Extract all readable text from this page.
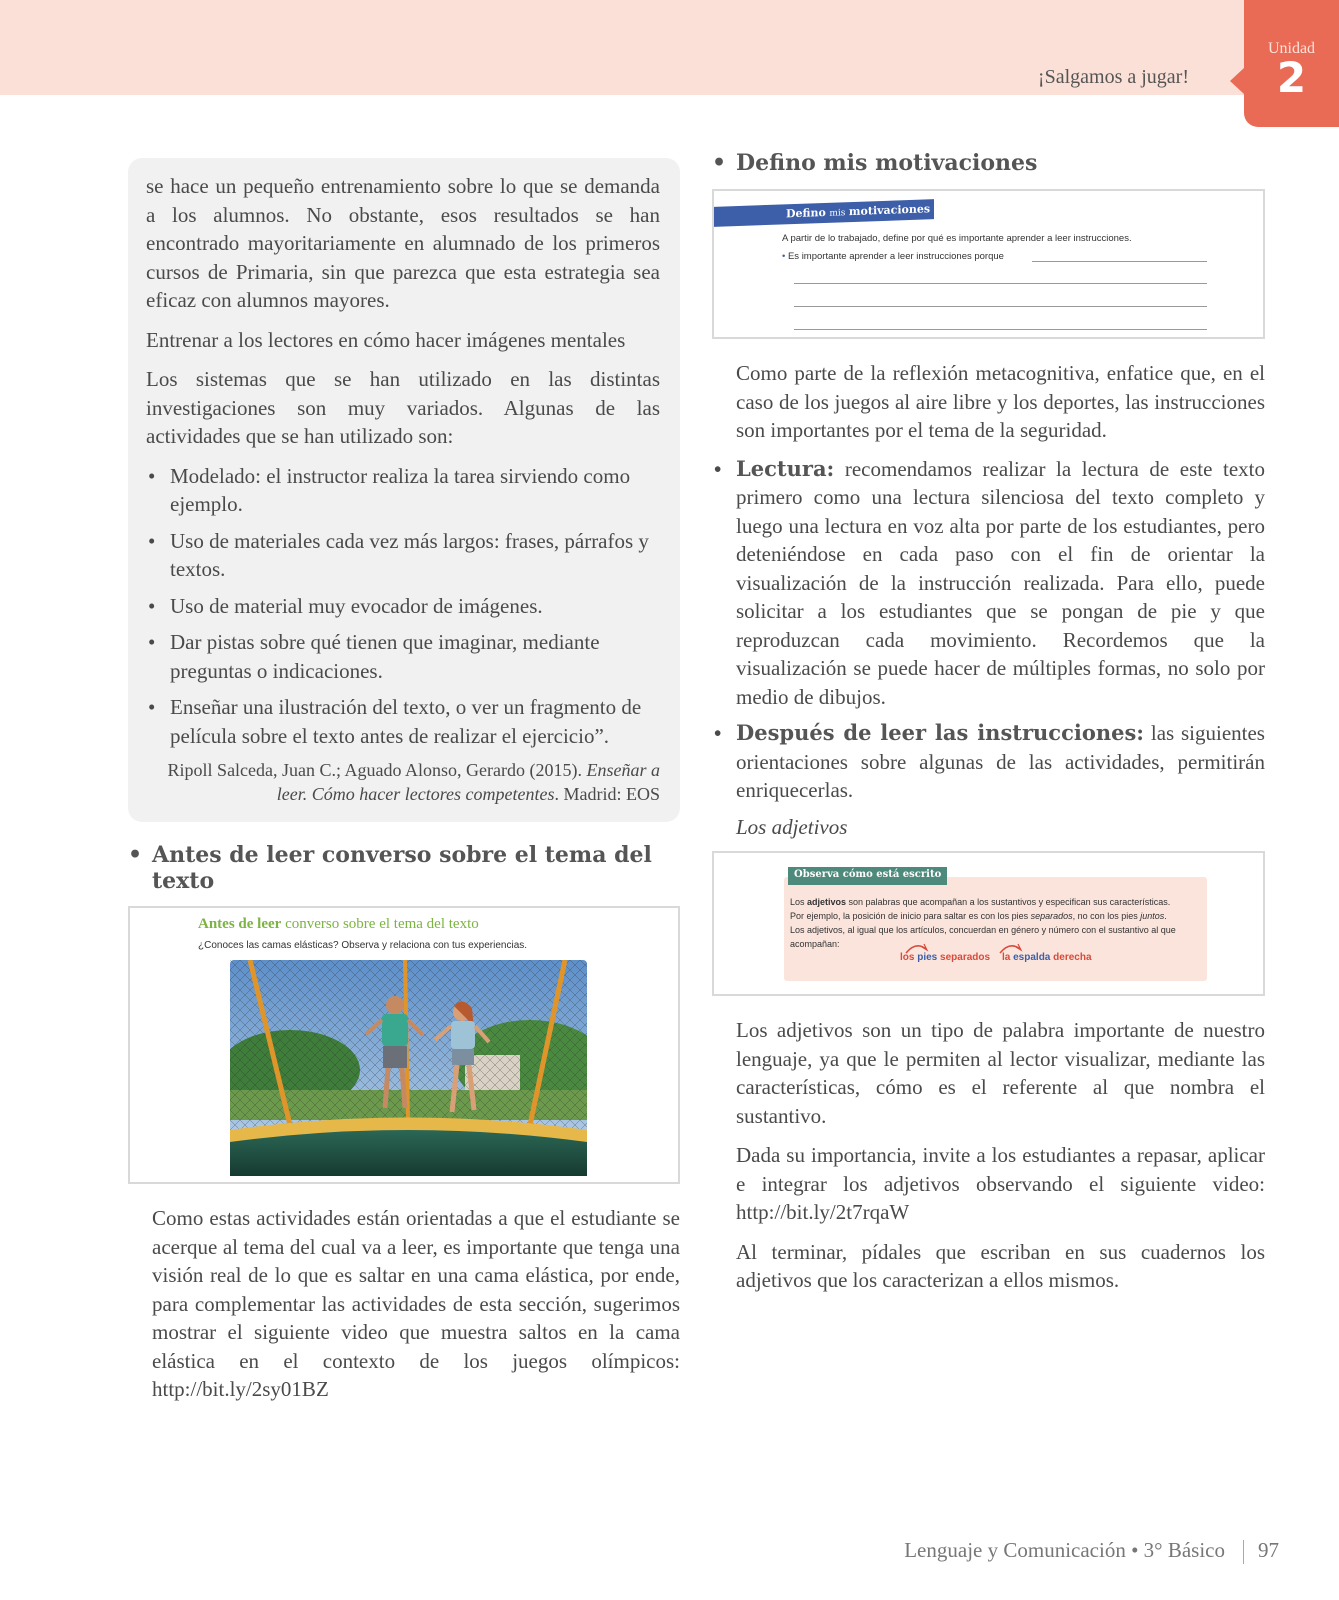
¡Salgamos a jugar!
Unidad
2

se hace un pequeño entrenamiento sobre lo que se demanda a los alumnos. No obstante, esos resultados se han encontrado mayoritariamente en alumnado de los primeros cursos de Primaria, sin que parezca que esta estrategia sea eficaz con alumnos mayores.

Entrenar a los lectores en cómo hacer imágenes mentales

Los sistemas que se han utilizado en las distintas investigaciones son muy variados. Algunas de las actividades que se han utilizado son:

• Modelado: el instructor realiza la tarea sirviendo como ejemplo.
• Uso de materiales cada vez más largos: frases, párrafos y textos.
• Uso de material muy evocador de imágenes.
• Dar pistas sobre qué tienen que imaginar, mediante preguntas o indicaciones.
• Enseñar una ilustración del texto, o ver un fragmento de película sobre el texto antes de realizar el ejercicio”.
Ripoll Salceda, Juan C.; Aguado Alonso, Gerardo (2015). Enseñar a leer. Cómo hacer lectores competentes. Madrid: EOS
• Antes de leer converso sobre el tema del texto
Antes de leer converso sobre el tema del texto
¿Conoces las camas elásticas? Observa y relaciona con tus experiencias.
Como estas actividades están orientadas a que el estudiante se acerque al tema del cual va a leer, es importante que tenga una visión real de lo que es saltar en una cama elástica, por ende, para complementar las actividades de esta sección, sugerimos mostrar el siguiente video que muestra saltos en la cama elástica en el contexto de los juegos olímpicos: http://bit.ly/2sy01BZ
• Defino mis motivaciones
Defino mis motivaciones
A partir de lo trabajado, define por qué es importante aprender a leer instrucciones.
• Es importante aprender a leer instrucciones porque
Como parte de la reflexión metacognitiva, enfatice que, en el caso de los juegos al aire libre y los deportes, las instrucciones son importantes por el tema de la seguridad.
• Lectura: recomendamos realizar la lectura de este texto primero como una lectura silenciosa del texto completo y luego una lectura en voz alta por parte de los estudiantes, pero deteniéndose en cada paso con el fin de orientar la visualización de la instrucción realizada. Para ello, puede solicitar a los estudiantes que se pongan de pie y que reproduzcan cada movimiento. Recordemos que la visualización se puede hacer de múltiples formas, no solo por medio de dibujos.
• Después de leer las instrucciones: las siguientes orientaciones sobre algunas de las actividades, permitirán enriquecerlas.
Los adjetivos
Observa cómo está escrito
Los adjetivos son palabras que acompañan a los sustantivos y especifican sus características.
Por ejemplo, la posición de inicio para saltar es con los pies separados, no con los pies juntos.
Los adjetivos, al igual que los artículos, concuerdan en género y número con el sustantivo al que acompañan:
los pies separados la espalda derecha
Los adjetivos son un tipo de palabra importante de nuestro lenguaje, ya que le permiten al lector visualizar, mediante las características, cómo es el referente al que nombra el sustantivo.
Dada su importancia, invite a los estudiantes a repasar, aplicar e integrar los adjetivos observando el siguiente video: http://bit.ly/2t7rqaW
Al terminar, pídales que escriban en sus cuadernos los adjetivos que los caracterizan a ellos mismos.
Lenguaje y Comunicación • 3° Básico 97
